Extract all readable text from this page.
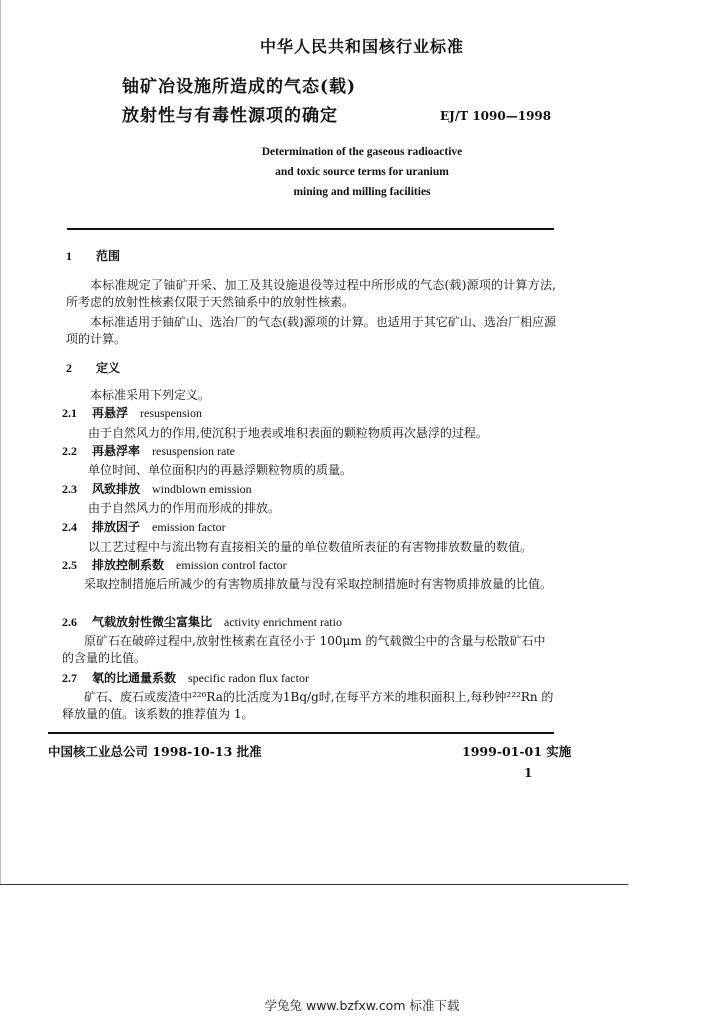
中华人民共和国核行业标准
铀矿冶设施所造成的气态(载)
放射性与有毒性源项的确定	EJ/T 1090—1998
Determination of the gaseous radioactive
and toxic source terms for uranium
mining and milling facilities
1 范围
本标准规定了铀矿开采、加工及其设施退役等过程中所形成的气态(载)源项的计算方法,所考虑的放射性核素仅限于天然铀系中的放射性核素。
本标准适用于铀矿山、选冶厂的气态(载)源项的计算。也适用于其它矿山、选冶厂相应源项的计算。
2 定义
本标准采用下列定义。
2.1 再悬浮 resuspension
由于自然风力的作用,使沉积于地表或堆积表面的颗粒物质再次悬浮的过程。
2.2 再悬浮率 resuspension rate
单位时间、单位面积内的再悬浮颗粒物质的质量。
2.3 风致排放 windblown emission
由于自然风力的作用而形成的排放。
2.4 排放因子 emission factor
以工艺过程中与流出物有直接相关的量的单位数值所表征的有害物排放数量的数值。
2.5 排放控制系数 emission control factor
采取控制措施后所减少的有害物质排放量与没有采取控制措施时有害物质排放量的比值。
2.6 气载放射性微尘富集比 activity enrichment ratio
原矿石在破碎过程中,放射性核素在直径小于 100μm 的气载微尘中的含量与松散矿石中的含量的比值。
2.7 氡的比通量系数 specific radon flux factor
矿石、废石或废渣中²²⁶Ra的比活度为1Bq/g时,在每平方米的堆积面积上,每秒钟²²²Rn 的释放量的值。该系数的推荐值为 1。
中国核工业总公司 1998-10-13 批准	1999-01-01 实施
1
学兔兔 www.bzfxw.com 标准下载
